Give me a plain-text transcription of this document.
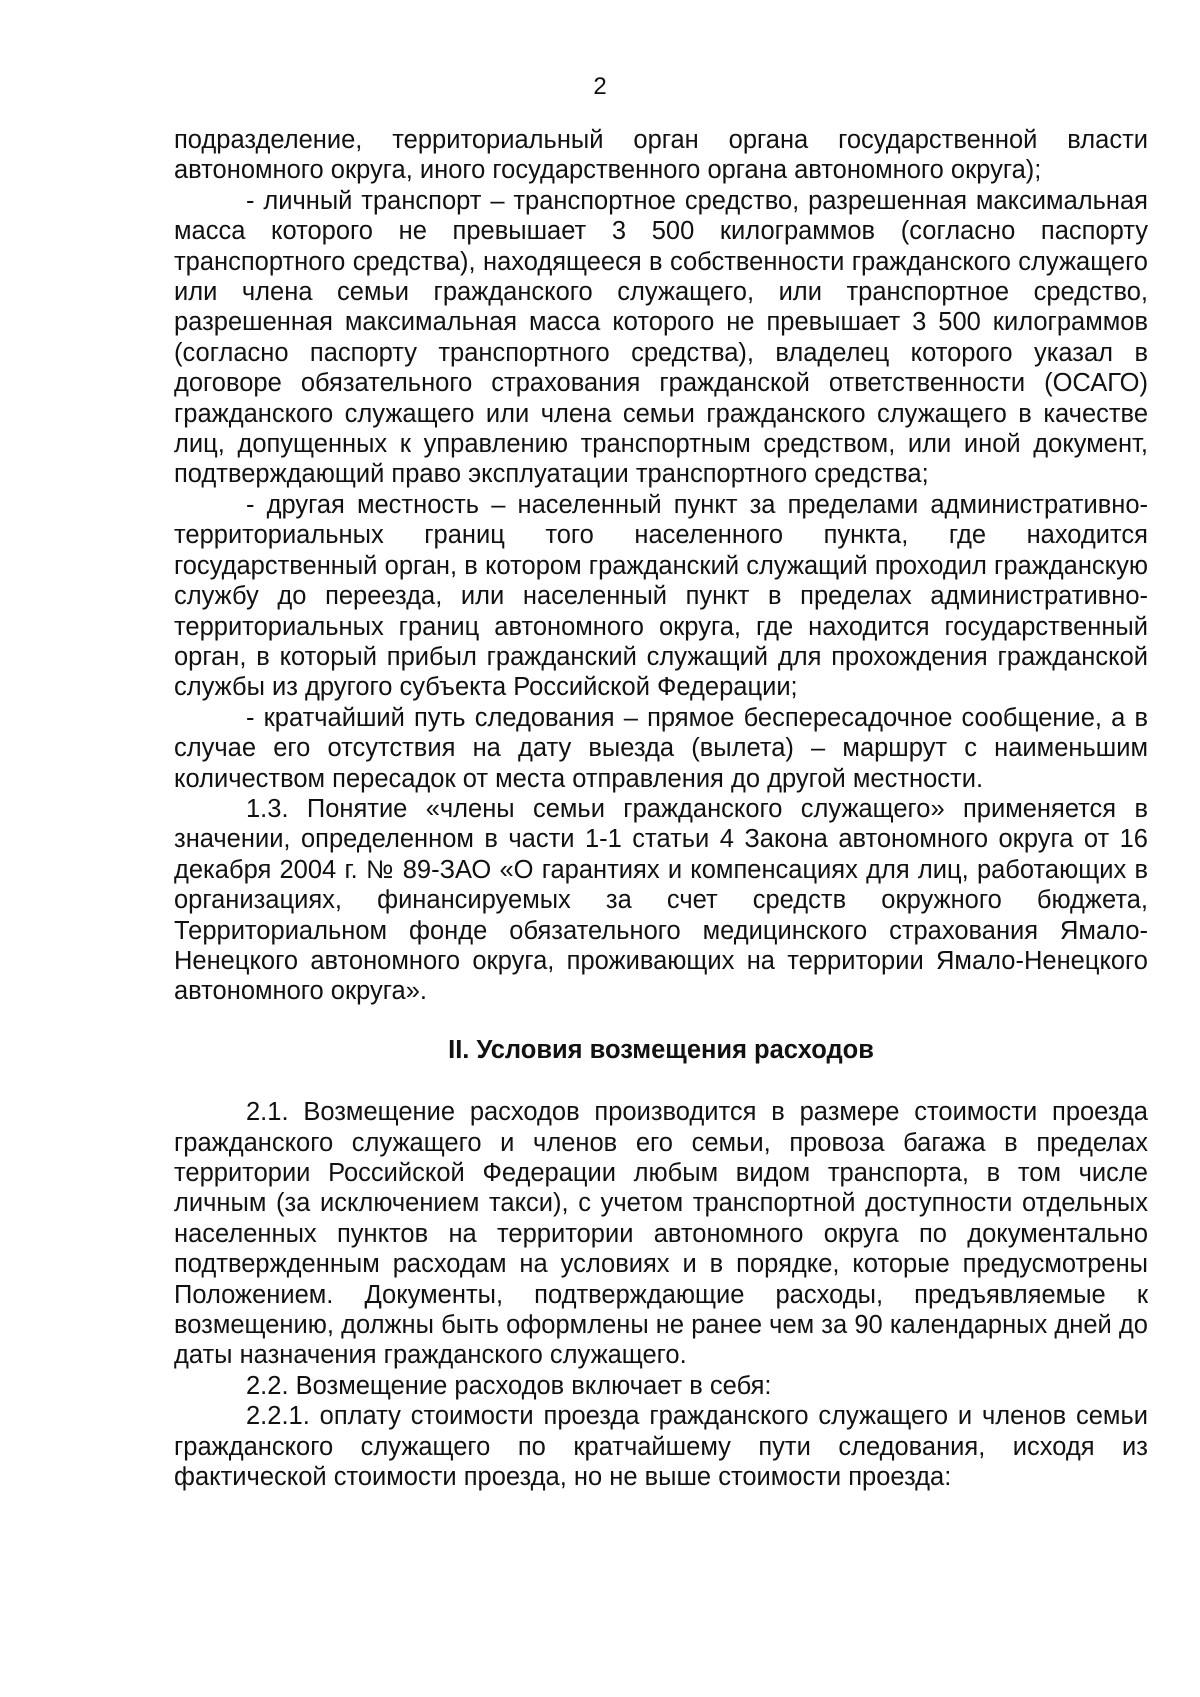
2

подразделение, территориальный орган органа государственной власти автономного округа, иного государственного органа автономного округа);

- личный транспорт – транспортное средство, разрешенная максимальная масса которого не превышает 3 500 килограммов (согласно паспорту транспортного средства), находящееся в собственности гражданского служащего или члена семьи гражданского служащего, или транспортное средство, разрешенная максимальная масса которого не превышает 3 500 килограммов (согласно паспорту транспортного средства), владелец которого указал в договоре обязательного страхования гражданской ответственности (ОСАГО) гражданского служащего или члена семьи гражданского служащего в качестве лиц, допущенных к управлению транспортным средством, или иной документ, подтверждающий право эксплуатации транспортного средства;

- другая местность – населенный пункт за пределами административно-территориальных границ того населенного пункта, где находится государственный орган, в котором гражданский служащий проходил гражданскую службу до переезда, или населенный пункт в пределах административно-территориальных границ автономного округа, где находится государственный орган, в который прибыл гражданский служащий для прохождения гражданской службы из другого субъекта Российской Федерации;

- кратчайший путь следования – прямое беспересадочное сообщение, а в случае его отсутствия на дату выезда (вылета) – маршрут с наименьшим количеством пересадок от места отправления до другой местности.

1.3. Понятие «члены семьи гражданского служащего» применяется в значении, определенном в части 1-1 статьи 4 Закона автономного округа от 16 декабря 2004 г. № 89-ЗАО «О гарантиях и компенсациях для лиц, работающих в организациях, финансируемых за счет средств окружного бюджета, Территориальном фонде обязательного медицинского страхования Ямало-Ненецкого автономного округа, проживающих на территории Ямало-Ненецкого автономного округа».

II. Условия возмещения расходов

2.1. Возмещение расходов производится в размере стоимости проезда гражданского служащего и членов его семьи, провоза багажа в пределах территории Российской Федерации любым видом транспорта, в том числе личным (за исключением такси), с учетом транспортной доступности отдельных населенных пунктов на территории автономного округа по документально подтвержденным расходам на условиях и в порядке, которые предусмотрены Положением. Документы, подтверждающие расходы, предъявляемые к возмещению, должны быть оформлены не ранее чем за 90 календарных дней до даты назначения гражданского служащего.

2.2. Возмещение расходов включает в себя:

2.2.1. оплату стоимости проезда гражданского служащего и членов семьи гражданского служащего по кратчайшему пути следования, исходя из фактической стоимости проезда, но не выше стоимости проезда:
